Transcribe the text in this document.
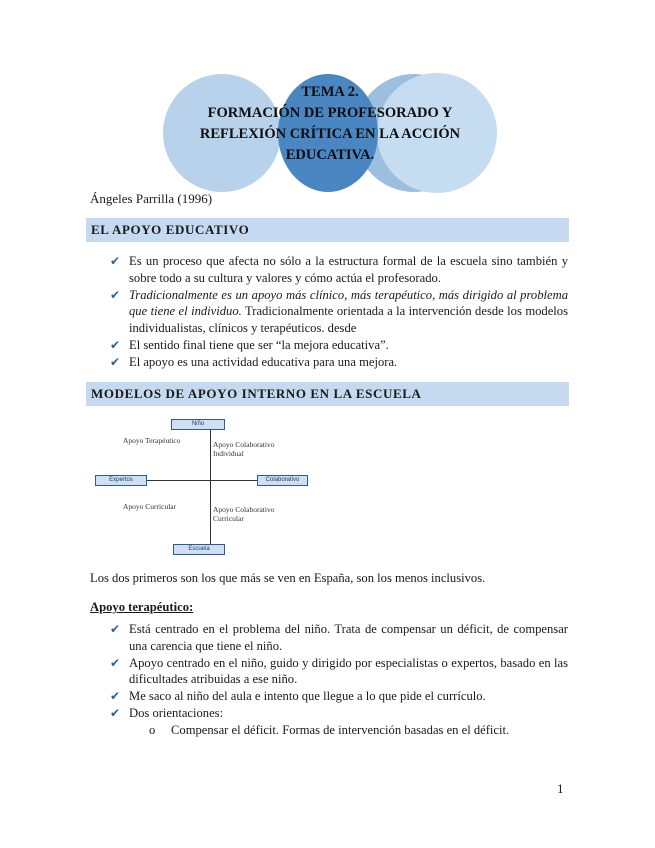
TEMA 2.
FORMACIÓN DE PROFESORADO Y
REFLEXIÓN CRÍTICA EN LA ACCIÓN
EDUCATIVA.
Ángeles Parrilla (1996)
EL APOYO EDUCATIVO
✔ Es un proceso que afecta no sólo a la estructura formal de la escuela sino también y sobre todo a su cultura y valores y cómo actúa el profesorado.
✔ Tradicionalmente es un apoyo más clínico, más terapéutico, más dirigido al problema que tiene el individuo. Tradicionalmente orientada a la intervención desde los modelos individualistas, clínicos y terapéuticos. desde
✔ El sentido final tiene que ser “la mejora educativa”.
✔ El apoyo es una actividad educativa para una mejora.
MODELOS DE APOYO INTERNO EN LA ESCUELA
Niño
Escuela
Expertos	Colaborativo
Apoyo Terapéutico	Apoyo Colaborativo
Individual
Apoyo Curricular	Apoyo Colaborativo
Curricular
Los dos primeros son los que más se ven en España, son los menos inclusivos.
Apoyo terapéutico:
✔ Está centrado en el problema del niño. Trata de compensar un déficit, de compensar una carencia que tiene el niño.
✔ Apoyo centrado en el niño, guido y dirigido por especialistas o expertos, basado en las dificultades atribuidas a ese niño.
✔ Me saco al niño del aula e intento que llegue a lo que pide el currículo.
✔ Dos orientaciones:
o Compensar el déficit. Formas de intervención basadas en el déficit.
1
